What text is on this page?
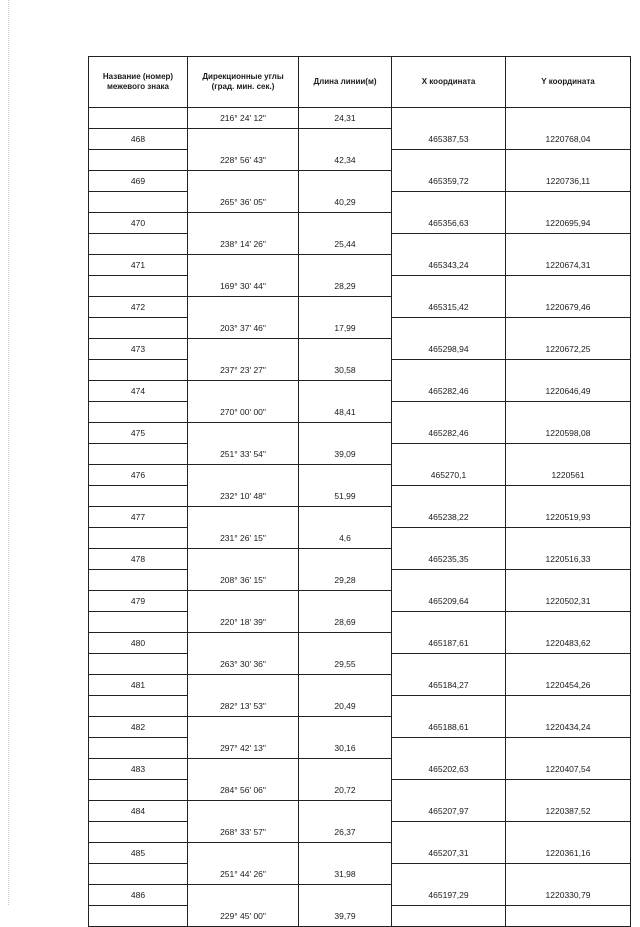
Название (номер) межевого знака	Дирекционные углы (град. мин. сек.)	Длина линии(м)	X координата	Y координата
	216° 24' 12"	24,31		
468			465387,53	1220768,04
	228° 56' 43"	42,34		
469			465359,72	1220736,11
	265° 36' 05"	40,29		
470			465356,63	1220695,94
	238° 14' 26"	25,44		
471			465343,24	1220674,31
	169° 30' 44"	28,29		
472			465315,42	1220679,46
	203° 37' 46"	17,99		
473			465298,94	1220672,25
	237° 23' 27"	30,58		
474			465282,46	1220646,49
	270° 00' 00"	48,41		
475			465282,46	1220598,08
	251° 33' 54"	39,09		
476			465270,1	1220561
	232° 10' 48"	51,99		
477			465238,22	1220519,93
	231° 26' 15"	4,6		
478			465235,35	1220516,33
	208° 36' 15"	29,28		
479			465209,64	1220502,31
	220° 18' 39"	28,69		
480			465187,61	1220483,62
	263° 30' 36"	29,55		
481			465184,27	1220454,26
	282° 13' 53"	20,49		
482			465188,61	1220434,24
	297° 42' 13"	30,16		
483			465202,63	1220407,54
	284° 56' 06"	20,72		
484			465207,97	1220387,52
	268° 33' 57"	26,37		
485			465207,31	1220361,16
	251° 44' 26"	31,98		
486			465197,29	1220330,79
	229° 45' 00"	39,79		
